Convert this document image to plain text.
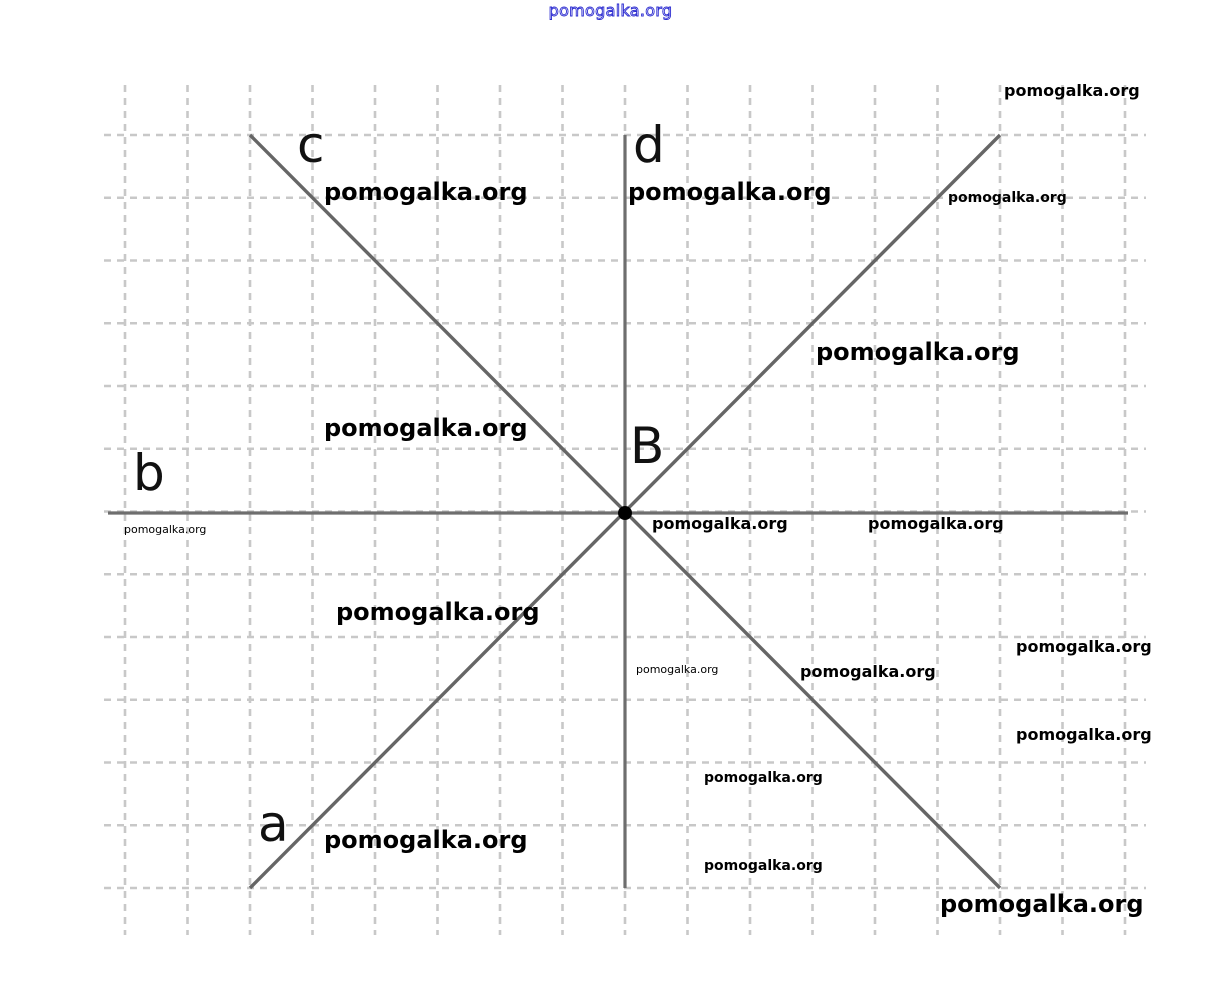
pomogalka.org
a
b
c	d
B
pomogalka.org
pomogalka.org	pomogalka.org	pomogalka.org
pomogalka.org
pomogalka.org
pomogalka.org	pomogalka.org	pomogalka.org
pomogalka.org
pomogalka.org
pomogalka.org	pomogalka.org
pomogalka.org
pomogalka.org
pomogalka.org
pomogalka.org
pomogalka.org
